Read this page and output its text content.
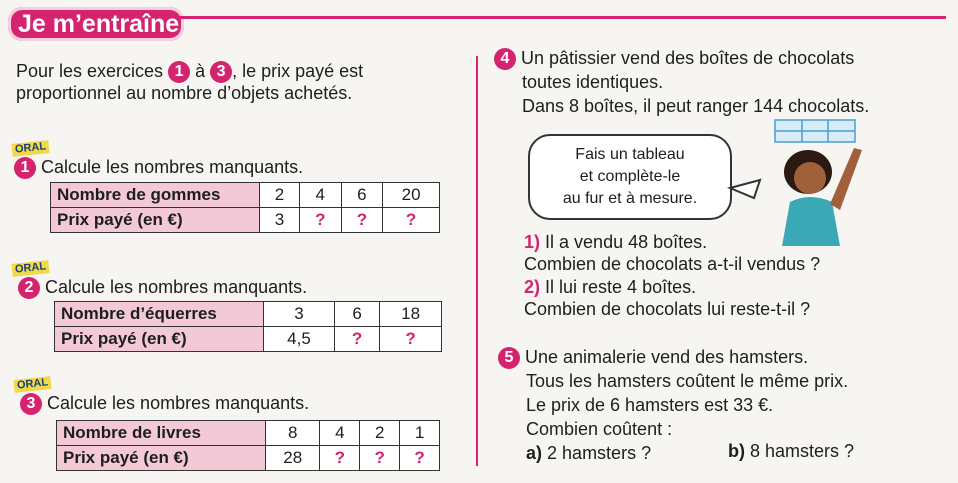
Je m’entraîne
Pour les exercices 1 à 3 , le prix payé est
proportionnel au nombre d’objets achetés.
ORAL
1 Calcule les nombres manquants.
Nombre de gommes	2	4	6	20
Prix payé (en €)	3	?	?	?
ORAL
2 Calcule les nombres manquants.
Nombre d’équerres	3	6	18
Prix payé (en €)	4,5	?	?
ORAL
3 Calcule les nombres manquants.
Nombre de livres	8	4	2	1
Prix payé (en €)	28	?	?	?
4 Un pâtissier vend des boîtes de chocolats
toutes identiques.
Dans 8 boîtes, il peut ranger 144 chocolats.
Fais un tableau
et complète-le
au fur et à mesure.
1) Il a vendu 48 boîtes.
Combien de chocolats a-t-il vendus ?
2) Il lui reste 4 boîtes.
Combien de chocolats lui reste-t-il ?
5 Une animalerie vend des hamsters.
Tous les hamsters coûtent le même prix.
Le prix de 6 hamsters est 33 €.
Combien coûtent :
a) 2 hamsters ?	b) 8 hamsters ?
